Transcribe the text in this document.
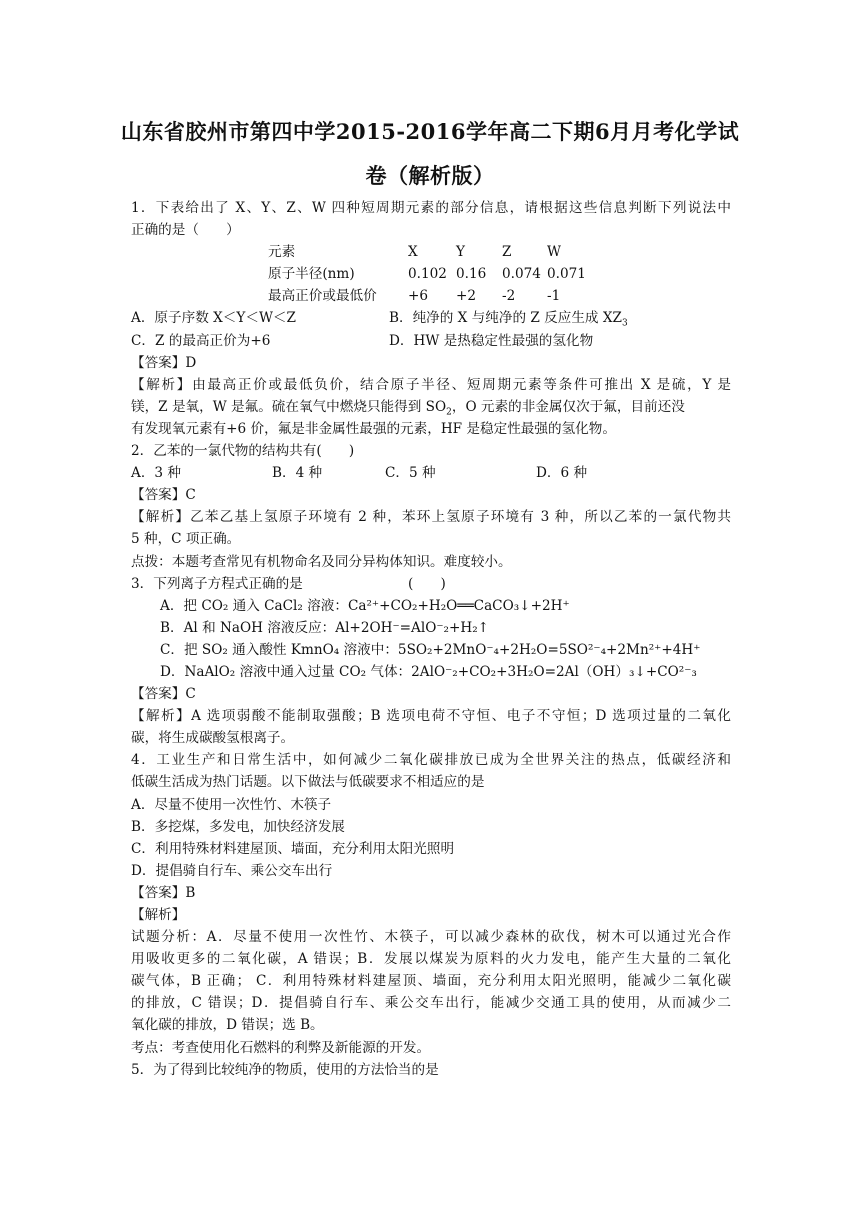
山东省胶州市第四中学2015-2016学年高二下期6月月考化学试
卷（解析版）
1．下表给出了 X、Y、Z、W 四种短周期元素的部分信息，请根据这些信息判断下列说法中
正确的是（　　）
元素	X	Y	Z	W
原子半径(nm)	0.102	0.16	0.074	0.071
最高正价或最低价	+6	+2	-2	-1
A．原子序数 X＜Y＜W＜Z	B．纯净的 X 与纯净的 Z 反应生成 $XZ_3$
C．Z 的最高正价为+6	D．HW 是热稳定性最强的氢化物
【答案】D
【解析】由最高正价或最低负价，结合原子半径、短周期元素等条件可推出 X 是硫，Y 是
镁，Z 是氧，W 是氟。硫在氧气中燃烧只能得到 $SO_2$，O 元素的非金属仅次于氟，目前还没
有发现氧元素有+6 价，氟是非金属性最强的元素，HF 是稳定性最强的氢化物。
2．乙苯的一氯代物的结构共有(　　)
A．3 种	B．4 种	C．5 种	D．6 种
【答案】C
【解析】乙苯乙基上氢原子环境有 2 种，苯环上氢原子环境有 3 种，所以乙苯的一氯代物共
5 种，C 项正确。
点拨：本题考查常见有机物命名及同分异构体知识。难度较小。
3．下列离子方程式正确的是	(　　)
A．把 CO₂ 通入 CaCl₂ 溶液：Ca²⁺+CO₂+H₂O══CaCO₃↓+2H⁺
B．Al 和 NaOH 溶液反应：Al+2OH⁻=AlO⁻₂+H₂↑
C．把 SO₂ 通入酸性 KmnO₄ 溶液中：5SO₂+2MnO⁻₄+2H₂O=5SO²⁻₄+2Mn²⁺+4H⁺
D．NaAlO₂ 溶液中通入过量 CO₂ 气体：2AlO⁻₂+CO₂+3H₂O=2Al（OH）₃↓+CO²⁻₃
【答案】C
【解析】A 选项弱酸不能制取强酸；B 选项电荷不守恒、电子不守恒；D 选项过量的二氧化
碳，将生成碳酸氢根离子。
4．工业生产和日常生活中，如何减少二氧化碳排放已成为全世界关注的热点，低碳经济和
低碳生活成为热门话题。以下做法与低碳要求不相适应的是
A．尽量不使用一次性竹、木筷子
B．多挖煤，多发电，加快经济发展
C．利用特殊材料建屋顶、墙面，充分利用太阳光照明
D．提倡骑自行车、乘公交车出行
【答案】B
【解析】
试题分析：A．尽量不使用一次性竹、木筷子，可以减少森林的砍伐，树木可以通过光合作
用吸收更多的二氧化碳，A 错误；B．发展以煤炭为原料的火力发电，能产生大量的二氧化
碳气体，B 正确； C．利用特殊材料建屋顶、墙面，充分利用太阳光照明，能减少二氧化碳
的排放，C 错误；D．提倡骑自行车、乘公交车出行，能减少交通工具的使用，从而减少二
氧化碳的排放，D 错误；选 B。
考点：考查使用化石燃料的利弊及新能源的开发。
5．为了得到比较纯净的物质，使用的方法恰当的是
